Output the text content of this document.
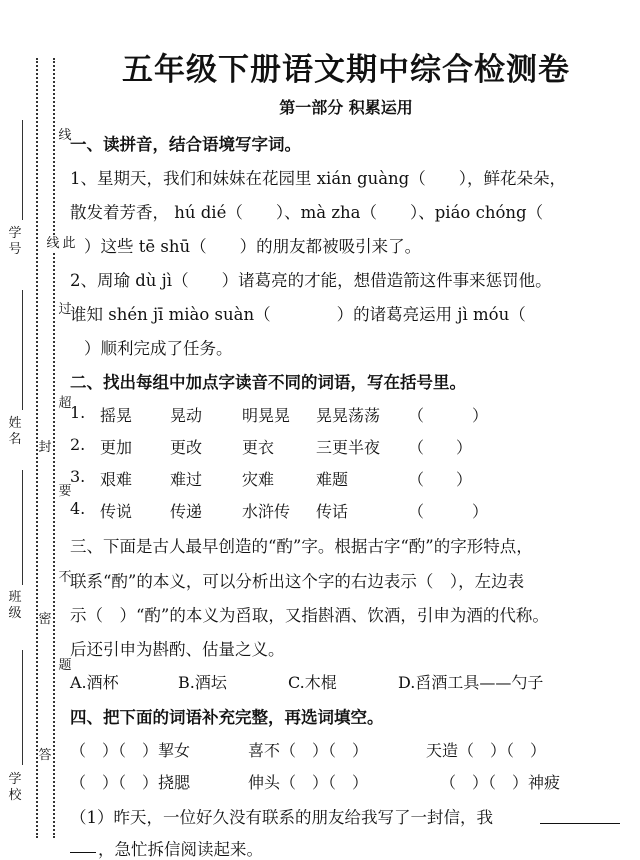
学号
姓名
班级
学校
线
线 此
过
超
封
要
不
密
题
答
五年级下册语文期中综合检测卷
第一部分 积累运用
一、读拼音，结合语境写字词。
1、星期天，我们和妹妹在花园里 xián guàng（　　），鲜花朵朵，
散发着芳香， hú dié（　　）、mà zha（　　）、piáo chóng（
）这些 tē shū（　　）的朋友都被吸引来了。
2、周瑜 dù jì（　　）诸葛亮的才能，想借造箭这件事来惩罚他。
谁知 shén jī miào suàn（　　　　）的诸葛亮运用 jì móu（
）顺利完成了任务。
二、找出每组中加点字读音不同的词语，写在括号里。
1. 摇晃 晃动 明晃晃 晃晃荡荡 （　　　）
2. 更加 更改 更衣	三更半夜 （　　）
3. 艰难 难过 灾难	难题	（　　）
4. 传说 传递 水浒传 传话	（　　　）
三、下面是古人最早创造的“酌”字。根据古字“酌”的字形特点，
联系“酌”的本义，可以分析出这个字的右边表示（　），左边表
示（　）“酌”的本义为舀取，又指斟酒、饮酒，引申为酒的代称。
后还引申为斟酌、估量之义。
A.酒杯	B.酒坛	C.木棍	D.舀酒工具——勺子
四、把下面的词语补充完整，再选词填空。
（　）（　）挈女	喜不（　）（　）	天造（　）（　）
（　）（　）挠腮	伸头（　）（　）	（　）（　）神疲
（1）昨天，一位好久没有联系的朋友给我写了一封信，我
，急忙拆信阅读起来。
